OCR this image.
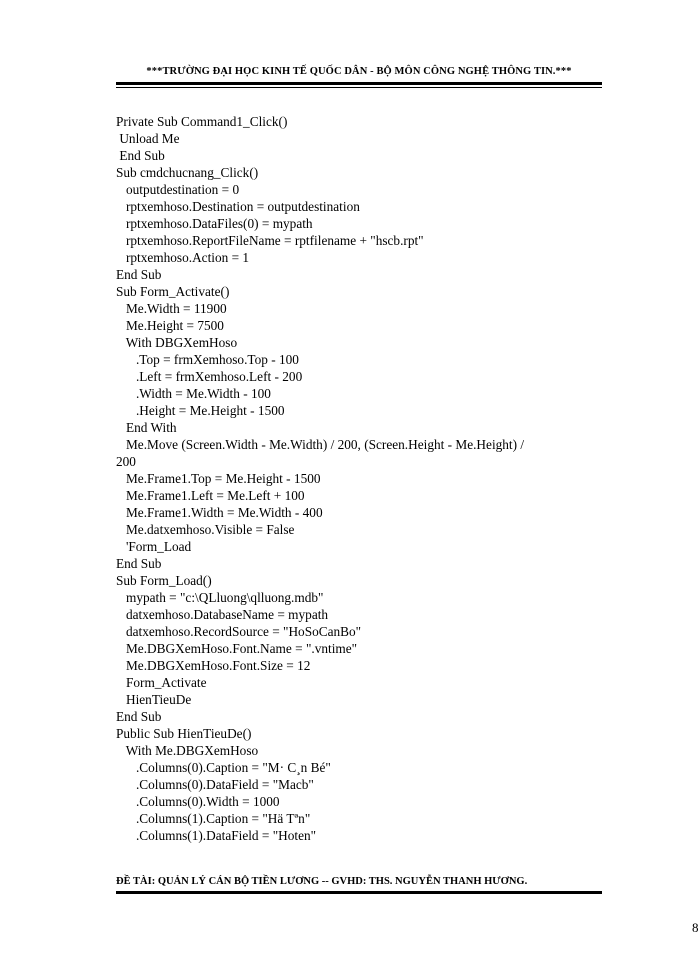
***TRƯỜNG ĐẠI HỌC KINH TẾ QUỐC DÂN - BỘ MÔN CÔNG NGHỆ THÔNG TIN.***
Private Sub Command1_Click()
Unload Me
End Sub
Sub cmdchucnang_Click()
outputdestination = 0
rptxemhoso.Destination = outputdestination
rptxemhoso.DataFiles(0) = mypath
rptxemhoso.ReportFileName = rptfilename + "hscb.rpt"
rptxemhoso.Action = 1
End Sub
Sub Form_Activate()
Me.Width = 11900
Me.Height = 7500
With DBGXemHoso
.Top = frmXemhoso.Top - 100
.Left = frmXemhoso.Left - 200
.Width = Me.Width - 100
.Height = Me.Height - 1500
End With
Me.Move (Screen.Width - Me.Width) / 200, (Screen.Height - Me.Height) /
200
Me.Frame1.Top = Me.Height - 1500
Me.Frame1.Left = Me.Left + 100
Me.Frame1.Width = Me.Width - 400
Me.datxemhoso.Visible = False
'Form_Load
End Sub
Sub Form_Load()
mypath = "c:\QLluong\qlluong.mdb"
datxemhoso.DatabaseName = mypath
datxemhoso.RecordSource = "HoSoCanBo"
Me.DBGXemHoso.Font.Name = ".vntime"
Me.DBGXemHoso.Font.Size = 12
Form_Activate
HienTieuDe
End Sub
Public Sub HienTieuDe()
With Me.DBGXemHoso
.Columns(0).Caption = "M· C¸n Bé"
.Columns(0).DataField = "Macb"
.Columns(0).Width = 1000
.Columns(1).Caption = "Hä Tªn"
.Columns(1).DataField = "Hoten"
ĐỀ TÀI: QUẢN LÝ CÁN BỘ TIỀN LƯƠNG -- GVHD: THS. NGUYỄN THANH HƯƠNG.
8
